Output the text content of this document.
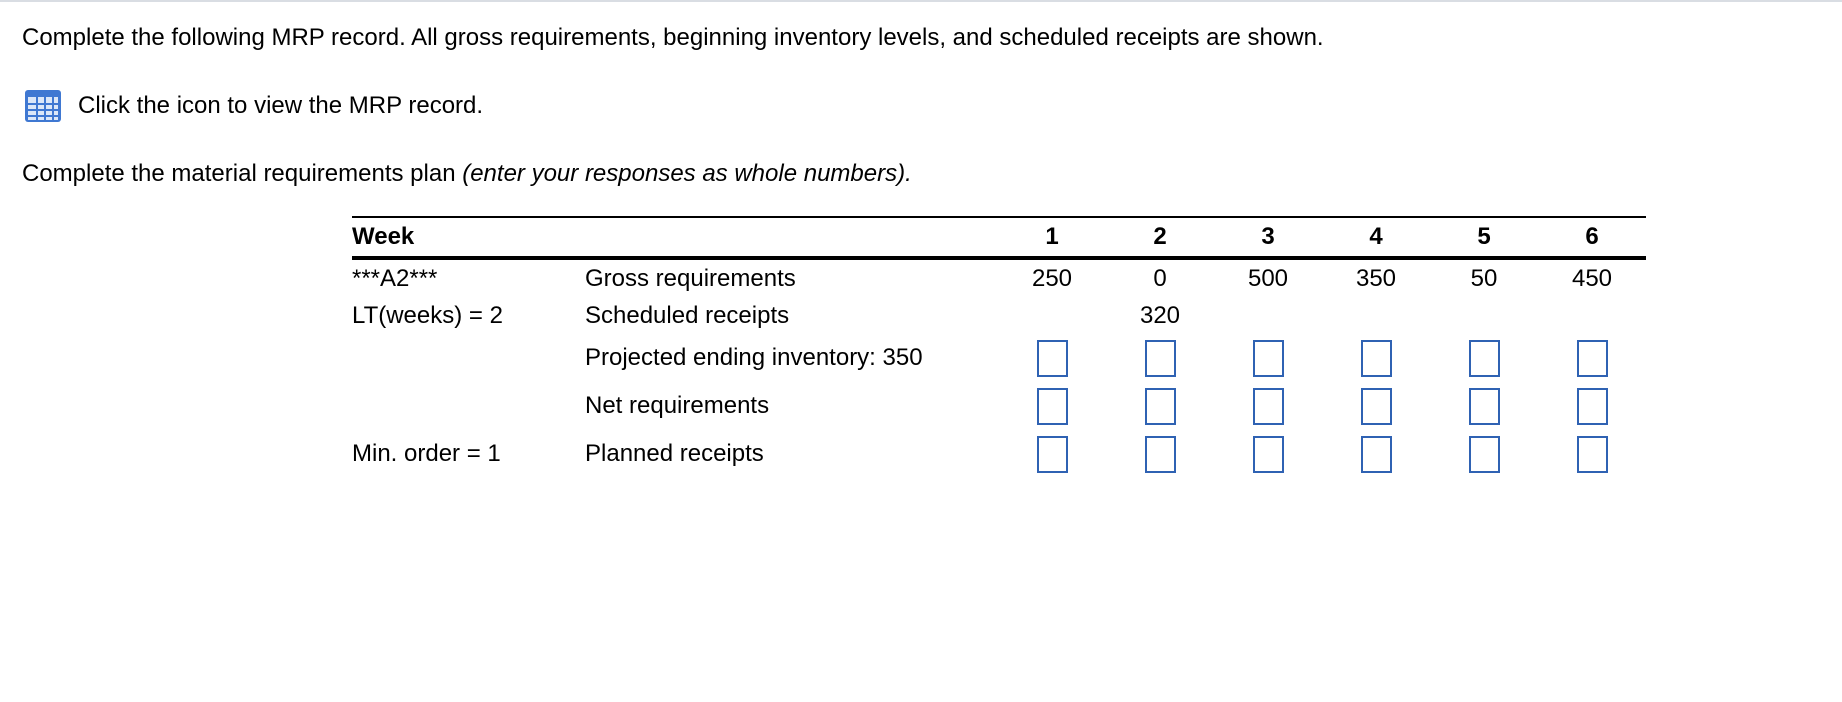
Complete the following MRP record. All gross requirements, beginning inventory levels, and scheduled receipts are shown.
Click the icon to view the MRP record.
Complete the material requirements plan (enter your responses as whole numbers).
Week		1	2	3	4	5	6
***A2***	Gross requirements	250	0	500	350	50	450
LT(weeks) = 2	Scheduled receipts		320				
	Projected ending inventory: 350						
	Net requirements						
Min. order = 1	Planned receipts						
